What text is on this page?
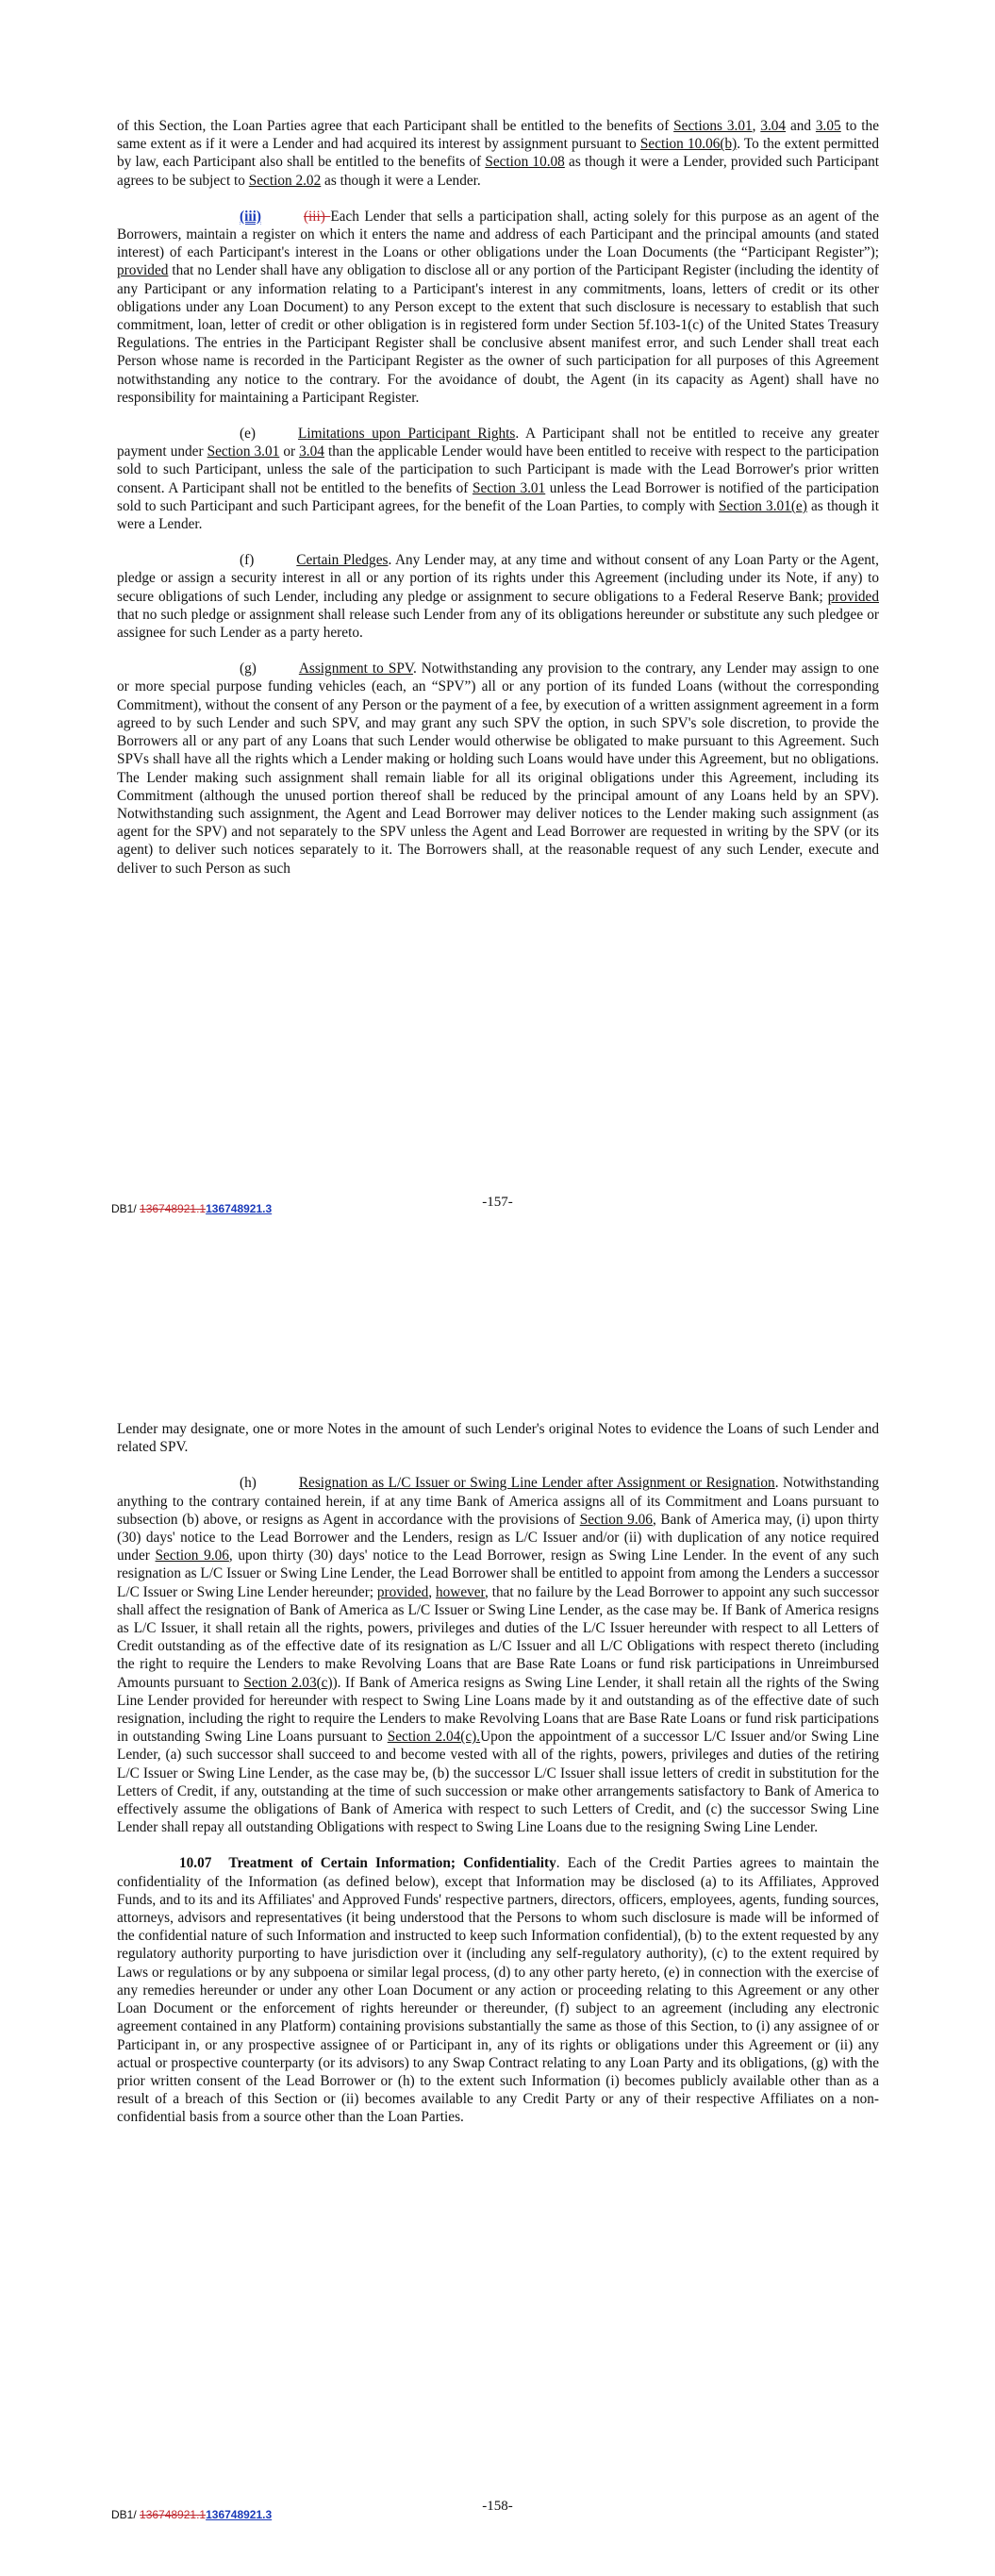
of this Section, the Loan Parties agree that each Participant shall be entitled to the benefits of Sections 3.01, 3.04 and 3.05 to the same extent as if it were a Lender and had acquired its interest by assignment pursuant to Section 10.06(b). To the extent permitted by law, each Participant also shall be entitled to the benefits of Section 10.08 as though it were a Lender, provided such Participant agrees to be subject to Section 2.02 as though it were a Lender.

(iii)	(iii) Each Lender that sells a participation shall, acting solely for this purpose as an agent of the Borrowers, maintain a register on which it enters the name and address of each Participant and the principal amounts (and stated interest) of each Participant's interest in the Loans or other obligations under the Loan Documents (the “Participant Register”); provided that no Lender shall have any obligation to disclose all or any portion of the Participant Register (including the identity of any Participant or any information relating to a Participant's interest in any commitments, loans, letters of credit or its other obligations under any Loan Document) to any Person except to the extent that such disclosure is necessary to establish that such commitment, loan, letter of credit or other obligation is in registered form under Section 5f.103-1(c) of the United States Treasury Regulations. The entries in the Participant Register shall be conclusive absent manifest error, and such Lender shall treat each Person whose name is recorded in the Participant Register as the owner of such participation for all purposes of this Agreement notwithstanding any notice to the contrary. For the avoidance of doubt, the Agent (in its capacity as Agent) shall have no responsibility for maintaining a Participant Register.

(e)	Limitations upon Participant Rights. A Participant shall not be entitled to receive any greater payment under Section 3.01 or 3.04 than the applicable Lender would have been entitled to receive with respect to the participation sold to such Participant, unless the sale of the participation to such Participant is made with the Lead Borrower's prior written consent. A Participant shall not be entitled to the benefits of Section 3.01 unless the Lead Borrower is notified of the participation sold to such Participant and such Participant agrees, for the benefit of the Loan Parties, to comply with Section 3.01(e) as though it were a Lender.

(f)	Certain Pledges. Any Lender may, at any time and without consent of any Loan Party or the Agent, pledge or assign a security interest in all or any portion of its rights under this Agreement (including under its Note, if any) to secure obligations of such Lender, including any pledge or assignment to secure obligations to a Federal Reserve Bank; provided that no such pledge or assignment shall release such Lender from any of its obligations hereunder or substitute any such pledgee or assignee for such Lender as a party hereto.

(g)	Assignment to SPV. Notwithstanding any provision to the contrary, any Lender may assign to one or more special purpose funding vehicles (each, an “SPV”) all or any portion of its funded Loans (without the corresponding Commitment), without the consent of any Person or the payment of a fee, by execution of a written assignment agreement in a form agreed to by such Lender and such SPV, and may grant any such SPV the option, in such SPV's sole discretion, to provide the Borrowers all or any part of any Loans that such Lender would otherwise be obligated to make pursuant to this Agreement. Such SPVs shall have all the rights which a Lender making or holding such Loans would have under this Agreement, but no obligations. The Lender making such assignment shall remain liable for all its original obligations under this Agreement, including its Commitment (although the unused portion thereof shall be reduced by the principal amount of any Loans held by an SPV). Notwithstanding such assignment, the Agent and Lead Borrower may deliver notices to the Lender making such assignment (as agent for the SPV) and not separately to the SPV unless the Agent and Lead Borrower are requested in writing by the SPV (or its agent) to deliver such notices separately to it. The Borrowers shall, at the reasonable request of any such Lender, execute and deliver to such Person as such

DB1/ 136748921.1136748921.3	-157-

Lender may designate, one or more Notes in the amount of such Lender's original Notes to evidence the Loans of such Lender and related SPV.

(h)	Resignation as L/C Issuer or Swing Line Lender after Assignment or Resignation. Notwithstanding anything to the contrary contained herein, if at any time Bank of America assigns all of its Commitment and Loans pursuant to subsection (b) above, or resigns as Agent in accordance with the provisions of Section 9.06, Bank of America may, (i) upon thirty (30) days' notice to the Lead Borrower and the Lenders, resign as L/C Issuer and/or (ii) with duplication of any notice required under Section 9.06, upon thirty (30) days' notice to the Lead Borrower, resign as Swing Line Lender. In the event of any such resignation as L/C Issuer or Swing Line Lender, the Lead Borrower shall be entitled to appoint from among the Lenders a successor L/C Issuer or Swing Line Lender hereunder; provided, however, that no failure by the Lead Borrower to appoint any such successor shall affect the resignation of Bank of America as L/C Issuer or Swing Line Lender, as the case may be. If Bank of America resigns as L/C Issuer, it shall retain all the rights, powers, privileges and duties of the L/C Issuer hereunder with respect to all Letters of Credit outstanding as of the effective date of its resignation as L/C Issuer and all L/C Obligations with respect thereto (including the right to require the Lenders to make Revolving Loans that are Base Rate Loans or fund risk participations in Unreimbursed Amounts pursuant to Section 2.03(c)). If Bank of America resigns as Swing Line Lender, it shall retain all the rights of the Swing Line Lender provided for hereunder with respect to Swing Line Loans made by it and outstanding as of the effective date of such resignation, including the right to require the Lenders to make Revolving Loans that are Base Rate Loans or fund risk participations in outstanding Swing Line Loans pursuant to Section 2.04(c).Upon the appointment of a successor L/C Issuer and/or Swing Line Lender, (a) such successor shall succeed to and become vested with all of the rights, powers, privileges and duties of the retiring L/C Issuer or Swing Line Lender, as the case may be, (b) the successor L/C Issuer shall issue letters of credit in substitution for the Letters of Credit, if any, outstanding at the time of such succession or make other arrangements satisfactory to Bank of America to effectively assume the obligations of Bank of America with respect to such Letters of Credit, and (c) the successor Swing Line Lender shall repay all outstanding Obligations with respect to Swing Line Loans due to the resigning Swing Line Lender.

10.07 Treatment of Certain Information; Confidentiality. Each of the Credit Parties agrees to maintain the confidentiality of the Information (as defined below), except that Information may be disclosed (a) to its Affiliates, Approved Funds, and to its and its Affiliates' and Approved Funds' respective partners, directors, officers, employees, agents, funding sources, attorneys, advisors and representatives (it being understood that the Persons to whom such disclosure is made will be informed of the confidential nature of such Information and instructed to keep such Information confidential), (b) to the extent requested by any regulatory authority purporting to have jurisdiction over it (including any self-regulatory authority), (c) to the extent required by Laws or regulations or by any subpoena or similar legal process, (d) to any other party hereto, (e) in connection with the exercise of any remedies hereunder or under any other Loan Document or any action or proceeding relating to this Agreement or any other Loan Document or the enforcement of rights hereunder or thereunder, (f) subject to an agreement (including any electronic agreement contained in any Platform) containing provisions substantially the same as those of this Section, to (i) any assignee of or Participant in, or any prospective assignee of or Participant in, any of its rights or obligations under this Agreement or (ii) any actual or prospective counterparty (or its advisors) to any Swap Contract relating to any Loan Party and its obligations, (g) with the prior written consent of the Lead Borrower or (h) to the extent such Information (i) becomes publicly available other than as a result of a breach of this Section or (ii) becomes available to any Credit Party or any of their respective Affiliates on a non-confidential basis from a source other than the Loan Parties.

DB1/ 136748921.1136748921.3
-158-
